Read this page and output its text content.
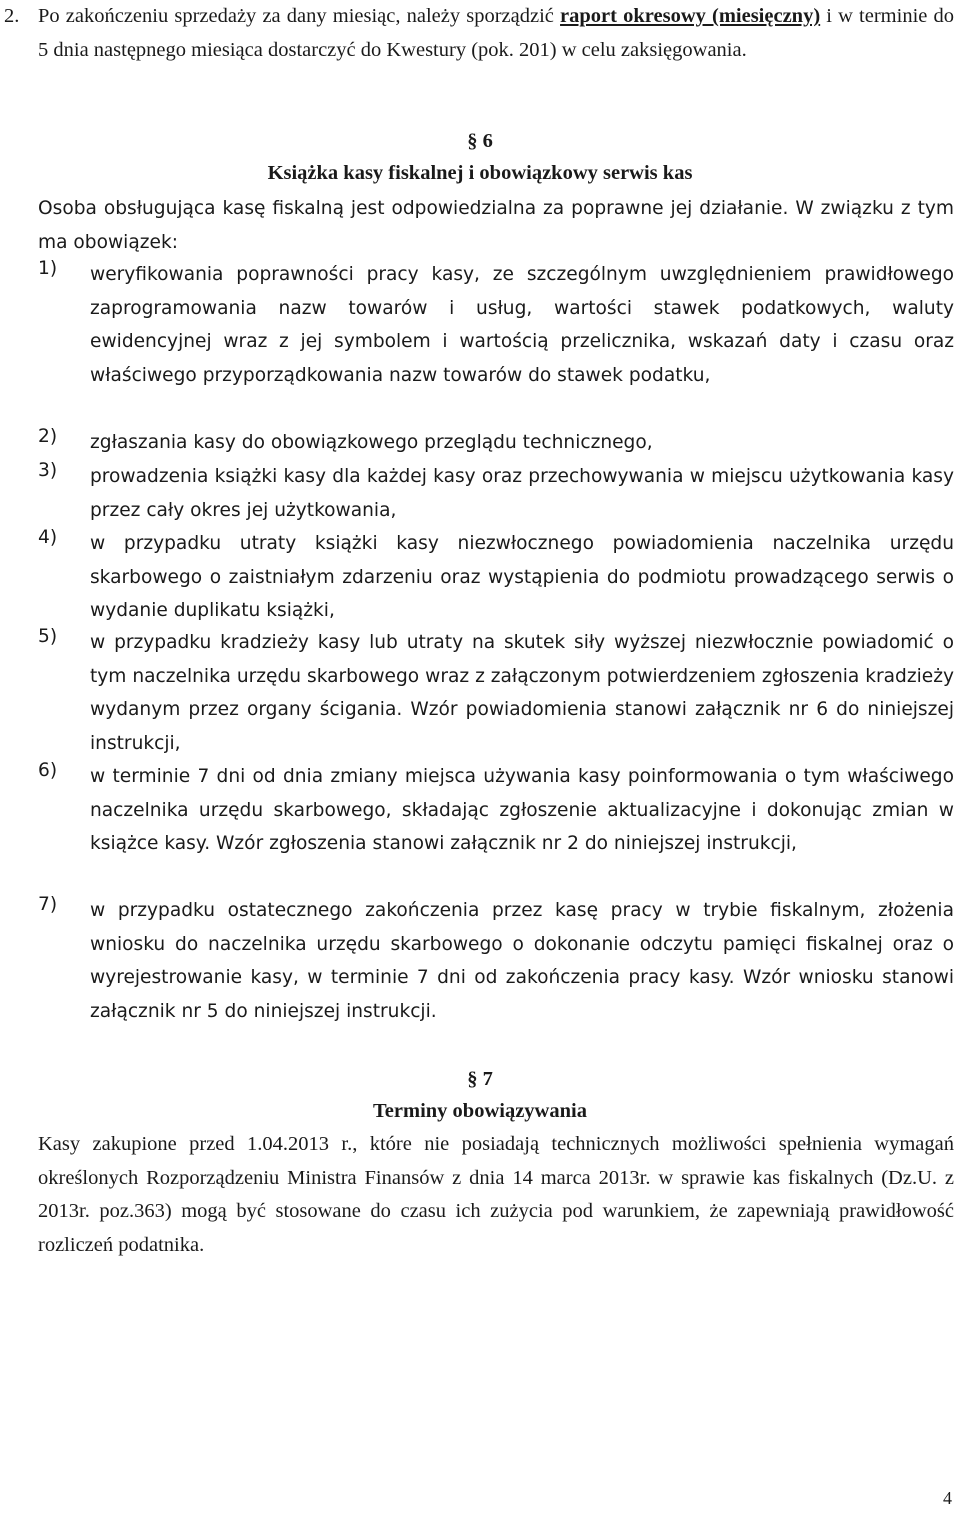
2. Po zakończeniu sprzedaży za dany miesiąc, należy sporządzić raport okresowy (miesięczny) i w terminie do 5 dnia następnego miesiąca dostarczyć do Kwestury (pok. 201) w celu zaksięgowania.

§ 6

Książka kasy fiskalnej i obowiązkowy serwis kas

Osoba obsługująca kasę fiskalną jest odpowiedzialna za poprawne jej działanie. W związku z tym ma obowiązek:

1) weryfikowania poprawności pracy kasy, ze szczególnym uwzględnieniem prawidłowego zaprogramowania nazw towarów i usług, wartości stawek podatkowych, waluty ewidencyjnej wraz z jej symbolem i wartością przelicznika, wskazań daty i czasu oraz właściwego przyporządkowania nazw towarów do stawek podatku,
2) zgłaszania kasy do obowiązkowego przeglądu technicznego,
3) prowadzenia książki kasy dla każdej kasy oraz przechowywania w miejscu użytkowania kasy przez cały okres jej użytkowania,
4) w przypadku utraty książki kasy niezwłocznego powiadomienia naczelnika urzędu skarbowego o zaistniałym zdarzeniu oraz wystąpienia do podmiotu prowadzącego serwis o wydanie duplikatu książki,
5) w przypadku kradzieży kasy lub utraty na skutek siły wyższej niezwłocznie powiadomić o tym naczelnika urzędu skarbowego wraz z załączonym potwierdzeniem zgłoszenia kradzieży wydanym przez organy ścigania. Wzór powiadomienia stanowi załącznik nr 6 do niniejszej instrukcji,
6) w terminie 7 dni od dnia zmiany miejsca używania kasy poinformowania o tym właściwego naczelnika urzędu skarbowego, składając zgłoszenie aktualizacyjne i dokonując zmian w książce kasy. Wzór zgłoszenia stanowi załącznik nr 2 do niniejszej instrukcji,
7) w przypadku ostatecznego zakończenia przez kasę pracy w trybie fiskalnym, złożenia wniosku do naczelnika urzędu skarbowego o dokonanie odczytu pamięci fiskalnej oraz o wyrejestrowanie kasy, w terminie 7 dni od zakończenia pracy kasy. Wzór wniosku stanowi załącznik nr 5 do niniejszej instrukcji.

§ 7

Terminy obowiązywania

Kasy zakupione przed 1.04.2013 r., które nie posiadają technicznych możliwości spełnienia wymagań określonych Rozporządzeniu Ministra Finansów z dnia 14 marca 2013r. w sprawie kas fiskalnych (Dz.U. z 2013r. poz.363) mogą być stosowane do czasu ich zużycia pod warunkiem, że zapewniają prawidłowość rozliczeń podatnika.

4
